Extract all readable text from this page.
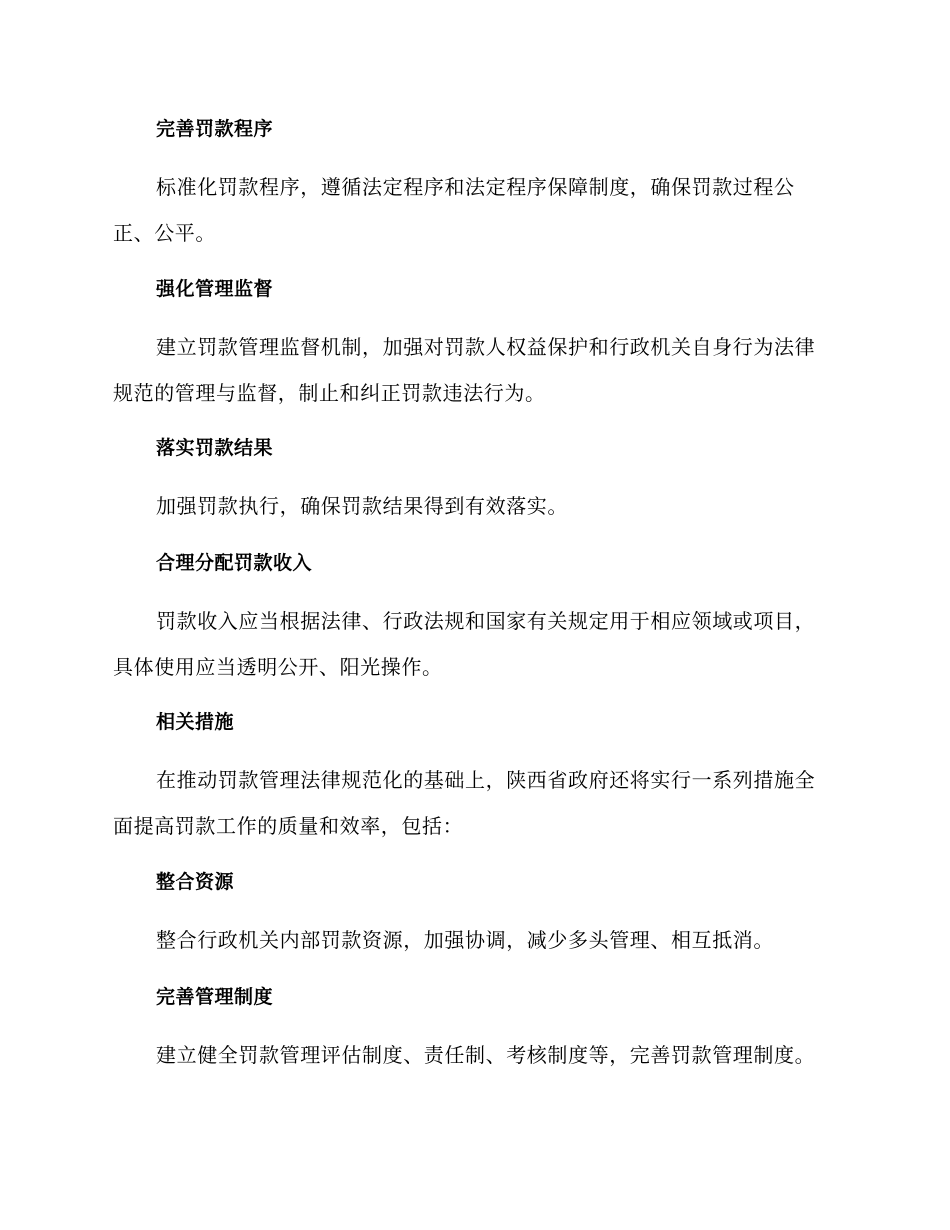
完善罚款程序

标准化罚款程序，遵循法定程序和法定程序保障制度，确保罚款过程公正、公平。

强化管理监督

建立罚款管理监督机制，加强对罚款人权益保护和行政机关自身行为法律规范的管理与监督，制止和纠正罚款违法行为。

落实罚款结果

加强罚款执行，确保罚款结果得到有效落实。

合理分配罚款收入

罚款收入应当根据法律、行政法规和国家有关规定用于相应领域或项目，具体使用应当透明公开、阳光操作。

相关措施

在推动罚款管理法律规范化的基础上，陕西省政府还将实行一系列措施全面提高罚款工作的质量和效率，包括：

整合资源

整合行政机关内部罚款资源，加强协调，减少多头管理、相互抵消。

完善管理制度

建立健全罚款管理评估制度、责任制、考核制度等，完善罚款管理制度。
